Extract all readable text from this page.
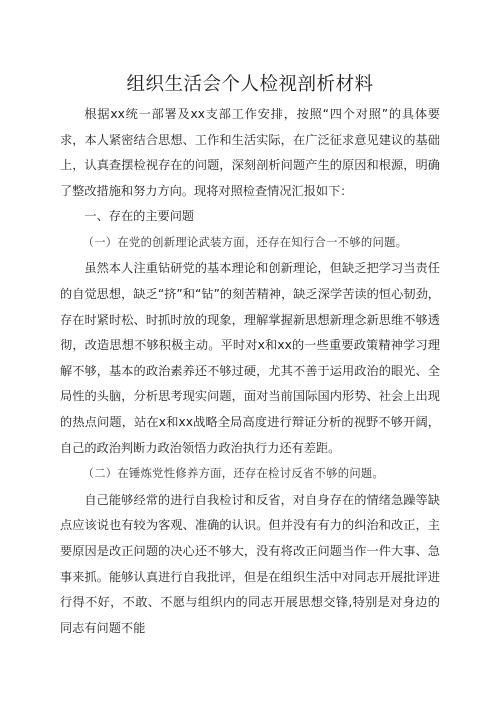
组织生活会个人检视剖析材料

根据xx统一部署及xx支部工作安排，按照“四个对照”的具体要求，本人紧密结合思想、工作和生活实际，在广泛征求意见建议的基础上，认真查摆检视存在的问题，深刻剖析问题产生的原因和根源，明确了整改措施和努力方向。现将对照检查情况汇报如下：

一、存在的主要问题

（一）在党的创新理论武装方面，还存在知行合一不够的问题。

虽然本人注重钻研党的基本理论和创新理论，但缺乏把学习当责任的自觉思想，缺乏“挤”和“钻”的刻苦精神，缺乏深学苦读的恒心韧劲，存在时紧时松、时抓时放的现象，理解掌握新思想新理念新思维不够透彻，改造思想不够积极主动。平时对x和xx的一些重要政策精神学习理解不够，基本的政治素养还不够过硬，尤其不善于运用政治的眼光、全局性的头脑，分析思考现实问题，面对当前国际国内形势、社会上出现的热点问题，站在x和xx战略全局高度进行辩证分析的视野不够开阔，自己的政治判断力政治领悟力政治执行力还有差距。

（二）在锤炼党性修养方面，还存在检讨反省不够的问题。

自己能够经常的进行自我检讨和反省，对自身存在的情绪急躁等缺点应该说也有较为客观、准确的认识。但并没有有力的纠治和改正，主要原因是改正问题的决心还不够大，没有将改正问题当作一件大事、急事来抓。能够认真进行自我批评，但是在组织生活中对同志开展批评进行得不好，不敢、不愿与组织内的同志开展思想交锋,特别是对身边的同志有问题不能
